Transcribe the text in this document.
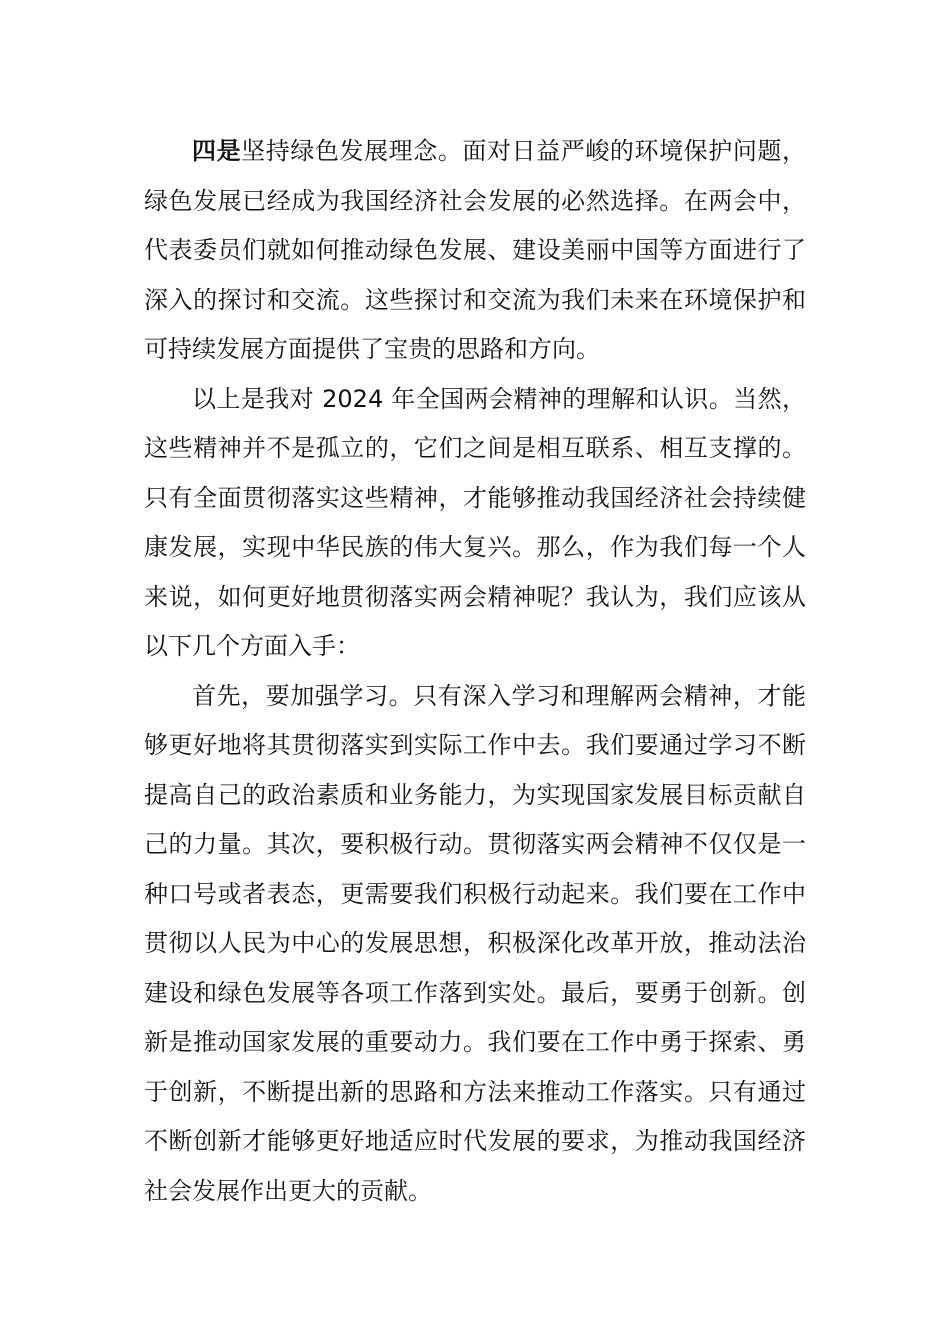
四是坚持绿色发展理念。面对日益严峻的环境保护问题，绿色发展已经成为我国经济社会发展的必然选择。在两会中，代表委员们就如何推动绿色发展、建设美丽中国等方面进行了深入的探讨和交流。这些探讨和交流为我们未来在环境保护和可持续发展方面提供了宝贵的思路和方向。

以上是我对 2024 年全国两会精神的理解和认识。当然，这些精神并不是孤立的，它们之间是相互联系、相互支撑的。只有全面贯彻落实这些精神，才能够推动我国经济社会持续健康发展，实现中华民族的伟大复兴。那么，作为我们每一个人来说，如何更好地贯彻落实两会精神呢？我认为，我们应该从以下几个方面入手：

首先，要加强学习。只有深入学习和理解两会精神，才能够更好地将其贯彻落实到实际工作中去。我们要通过学习不断提高自己的政治素质和业务能力，为实现国家发展目标贡献自己的力量。其次，要积极行动。贯彻落实两会精神不仅仅是一种口号或者表态，更需要我们积极行动起来。我们要在工作中贯彻以人民为中心的发展思想，积极深化改革开放，推动法治建设和绿色发展等各项工作落到实处。最后，要勇于创新。创新是推动国家发展的重要动力。我们要在工作中勇于探索、勇于创新，不断提出新的思路和方法来推动工作落实。只有通过不断创新才能够更好地适应时代发展的要求，为推动我国经济社会发展作出更大的贡献。
